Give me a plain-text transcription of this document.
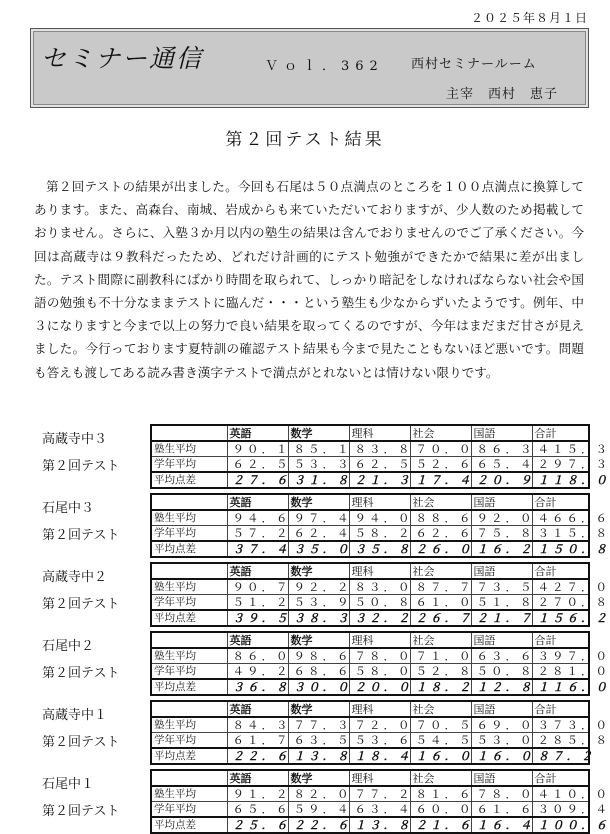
２０２５年８月１日
セミナー通信	Ｖｏｌ．362 西村セミナールーム
主宰　西村　恵子
第２回テスト結果

第２回テストの結果が出ました。今回も石尾は５０点満点のところを１００点満点に換算してあります。また、高森台、南城、岩成からも来ていただいておりますが、少人数のため掲載しておりません。さらに、入塾３か月以内の塾生の結果は含んでおりませんのでご了承ください。今回は高蔵寺は９教科だったため、どれだけ計画的にテスト勉強ができたかで結果に差が出ました。テスト間際に副教科にばかり時間を取られて、しっかり暗記をしなければならない社会や国語の勉強も不十分なままテストに臨んだ・・・という塾生も少なからずいたようです。例年、中３になりますと今まで以上の努力で良い結果を取ってくるのですが、今年はまだまだ甘さが見えました。今行っております夏特訓の確認テスト結果も今まで見たこともないほど悪いです。問題も答えも渡してある読み書き漢字テストで満点がとれないとは情けない限りです。

高蔵寺中３
第２回テスト
	英語	数学	理科	社会	国語	合計
塾生平均	９０．１	８５．１	８３．８	７０．０	８６．３	４１５．３
学年平均	６２．５	５３．３	６２．５	５２．６	６５．４	２９７．３
平均点差	２７．６	３１．８	２１．３	１７．４	２０．９	１１８．０
石尾中３
第２回テスト
	英語	数学	理科	社会	国語	合計
塾生平均	９４．６	９７．４	９４．０	８８．６	９２．０	４６６．６
学年平均	５７．２	６２．４	５８．２	６２．６	７５．８	３１５．８
平均点差	３７．４	３５．０	３５．８	２６．０	１６．２	１５０．８
高蔵寺中２
第２回テスト
	英語	数学	理科	社会	国語	合計
塾生平均	９０．７	９２．２	８３．０	８７．７	７３．５	４２７．０
学年平均	５１．２	５３．９	５０．８	６１．０	５１．８	２７０．８
平均点差	３９．５	３８．３	３２．２	２６．７	２１．７	１５６．２
石尾中２
第２回テスト
	英語	数学	理科	社会	国語	合計
塾生平均	８６．０	９８．６	７８．０	７１．０	６３．６	３９７．０
学年平均	４９．２	６８．６	５８．０	５２．８	５０．８	２８１．０
平均点差	３６．８	３０．０	２０．０	１８．２	１２．８	１１６．０
高蔵寺中１
第２回テスト
	英語	数学	理科	社会	国語	合計
塾生平均	８４．３	７７．３	７２．０	７０．５	６９．０	３７３．０
学年平均	６１．７	６３．５	５３．６	５４．５	５３．０	２８５．８
平均点差	２２．６	１３．８	１８．４	１６．０	１６．０	８７．２
石尾中１
第２回テスト
	英語	数学	理科	社会	国語	合計
塾生平均	９１．２	８２．０	７７．２	８１．６	７８．０	４１０．０
学年平均	６５．６	５９．４	６３．４	６０．０	６１．６	３０９．４
平均点差	２５．６	２２．６	１３．８	２１．６	１６．４	１００．６
